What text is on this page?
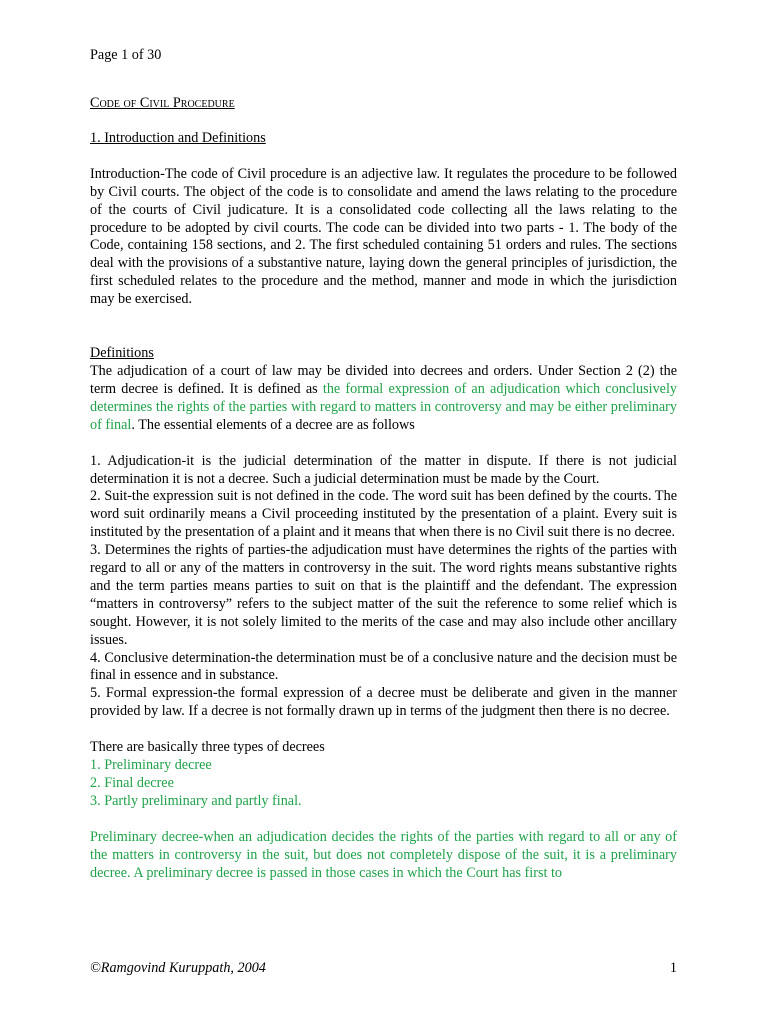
Page 1 of 30
Code of Civil Procedure
1. Introduction and Definitions
Introduction-The code of Civil procedure is an adjective law. It regulates the procedure to be followed by Civil courts. The object of the code is to consolidate and amend the laws relating to the procedure of the courts of Civil judicature. It is a consolidated code collecting all the laws relating to the procedure to be adopted by civil courts. The code can be divided into two parts - 1. The body of the Code, containing 158 sections, and 2. The first scheduled containing 51 orders and rules. The sections deal with the provisions of a substantive nature, laying down the general principles of jurisdiction, the first scheduled relates to the procedure and the method, manner and mode in which the jurisdiction may be exercised.
Definitions
The adjudication of a court of law may be divided into decrees and orders. Under Section 2 (2) the term decree is defined. It is defined as the formal expression of an adjudication which conclusively determines the rights of the parties with regard to matters in controversy and may be either preliminary of final. The essential elements of a decree are as follows
1. Adjudication-it is the judicial determination of the matter in dispute. If there is not judicial determination it is not a decree. Such a judicial determination must be made by the Court.
2. Suit-the expression suit is not defined in the code. The word suit has been defined by the courts. The word suit ordinarily means a Civil proceeding instituted by the presentation of a plaint. Every suit is instituted by the presentation of a plaint and it means that when there is no Civil suit there is no decree.
3. Determines the rights of parties-the adjudication must have determines the rights of the parties with regard to all or any of the matters in controversy in the suit. The word rights means substantive rights and the term parties means parties to suit on that is the plaintiff and the defendant. The expression “matters in controversy” refers to the subject matter of the suit the reference to some relief which is sought. However, it is not solely limited to the merits of the case and may also include other ancillary issues.
4. Conclusive determination-the determination must be of a conclusive nature and the decision must be final in essence and in substance.
5. Formal expression-the formal expression of a decree must be deliberate and given in the manner provided by law. If a decree is not formally drawn up in terms of the judgment then there is no decree.
There are basically three types of decrees
1. Preliminary decree
2. Final decree
3. Partly preliminary and partly final.
Preliminary decree-when an adjudication decides the rights of the parties with regard to all or any of the matters in controversy in the suit, but does not completely dispose of the suit, it is a preliminary decree. A preliminary decree is passed in those cases in which the Court has first to
©Ramgovind Kuruppath, 2004	1
